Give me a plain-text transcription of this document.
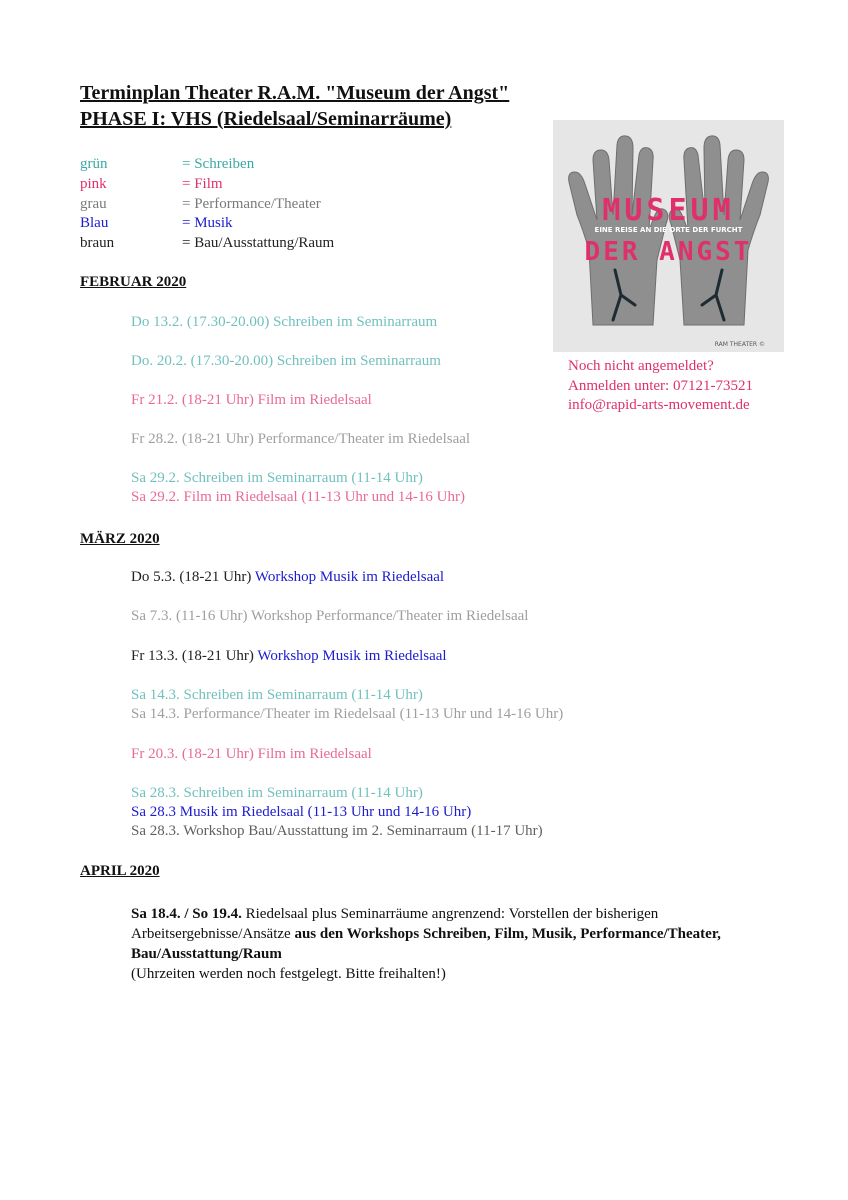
Terminplan Theater R.A.M. "Museum der Angst"
PHASE I: VHS (Riedelsaal/Seminarräume)
grün	= Schreiben
pink	= Film
grau	= Performance/Theater
Blau	= Musik
braun	= Bau/Ausstattung/Raum
MUSEUM
EINE REISE AN DIE ORTE DER FURCHT
DER ANGST
RAM THEATER ©
Noch nicht angemeldet?
Anmelden unter: 07121-73521
info@rapid-arts-movement.de
FEBRUAR 2020
Do 13.2. (17.30-20.00) Schreiben im Seminarraum
Do. 20.2. (17.30-20.00) Schreiben im Seminarraum
Fr 21.2. (18-21 Uhr) Film im Riedelsaal
Fr 28.2. (18-21 Uhr) Performance/Theater im Riedelsaal
Sa 29.2. Schreiben im Seminarraum (11-14 Uhr)
Sa 29.2. Film im Riedelsaal (11-13 Uhr und 14-16 Uhr)
MÄRZ 2020
Do 5.3. (18-21 Uhr) Workshop Musik im Riedelsaal
Sa 7.3. (11-16 Uhr) Workshop Performance/Theater im Riedelsaal
Fr 13.3. (18-21 Uhr) Workshop Musik im Riedelsaal
Sa 14.3. Schreiben im Seminarraum (11-14 Uhr)
Sa 14.3. Performance/Theater im Riedelsaal (11-13 Uhr und 14-16 Uhr)
Fr 20.3. (18-21 Uhr) Film im Riedelsaal
Sa 28.3. Schreiben im Seminarraum (11-14 Uhr)
Sa 28.3 Musik im Riedelsaal (11-13 Uhr und 14-16 Uhr)
Sa 28.3. Workshop Bau/Ausstattung im 2. Seminarraum (11-17 Uhr)
APRIL 2020
Sa 18.4. / So 19.4. Riedelsaal plus Seminarräume angrenzend: Vorstellen der bisherigen Arbeitsergebnisse/Ansätze aus den Workshops Schreiben, Film, Musik, Performance/Theater, Bau/Ausstattung/Raum
(Uhrzeiten werden noch festgelegt. Bitte freihalten!)
